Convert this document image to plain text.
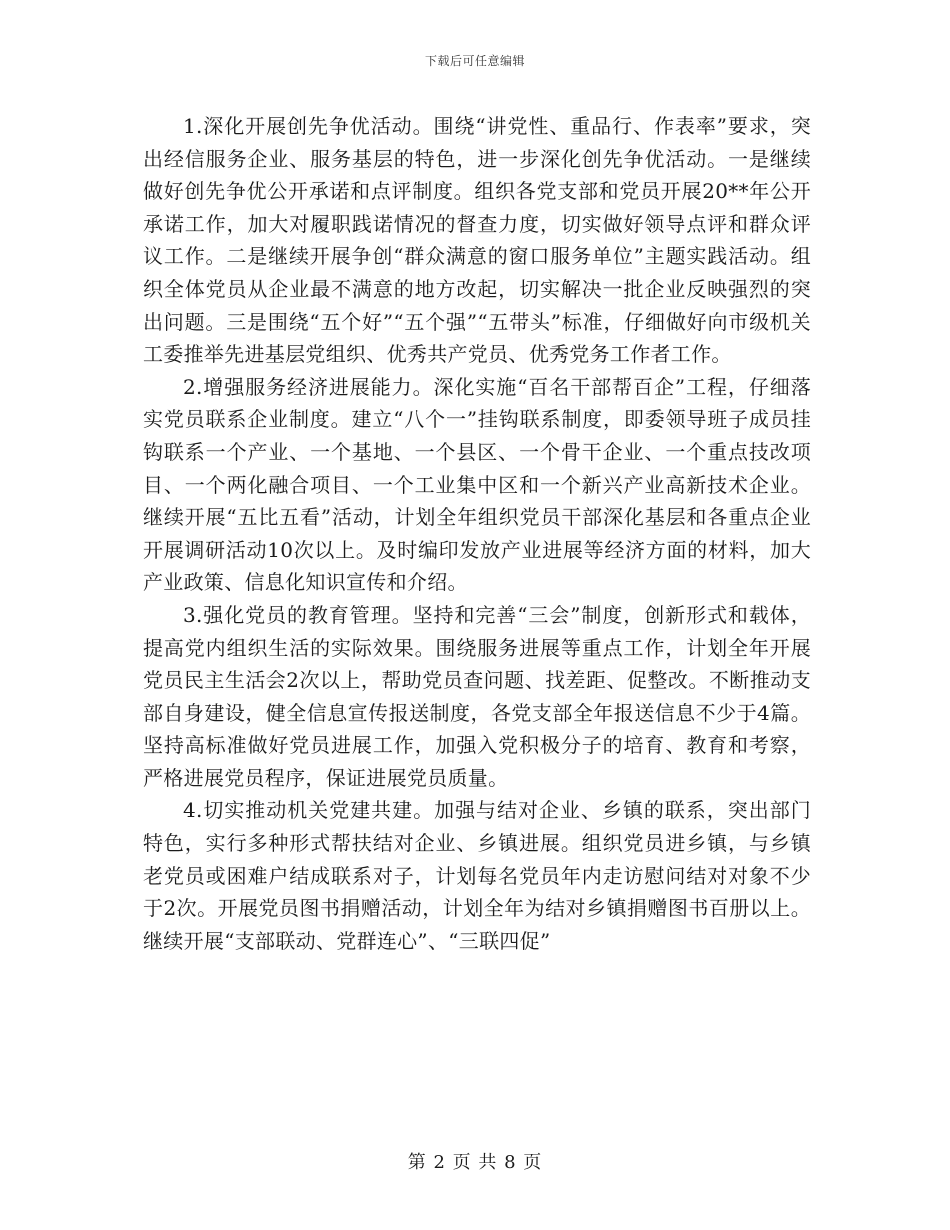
下载后可任意编辑

1.深化开展创先争优活动。围绕“讲党性、重品行、作表率”要求，突出经信服务企业、服务基层的特色，进一步深化创先争优活动。一是继续做好创先争优公开承诺和点评制度。组织各党支部和党员开展20**年公开承诺工作，加大对履职践诺情况的督查力度，切实做好领导点评和群众评议工作。二是继续开展争创“群众满意的窗口服务单位”主题实践活动。组织全体党员从企业最不满意的地方改起，切实解决一批企业反映强烈的突出问题。三是围绕“五个好”“五个强”“五带头”标准，仔细做好向市级机关工委推举先进基层党组织、优秀共产党员、优秀党务工作者工作。

2.增强服务经济进展能力。深化实施“百名干部帮百企”工程，仔细落实党员联系企业制度。建立“八个一”挂钩联系制度，即委领导班子成员挂钩联系一个产业、一个基地、一个县区、一个骨干企业、一个重点技改项目、一个两化融合项目、一个工业集中区和一个新兴产业高新技术企业。继续开展“五比五看”活动，计划全年组织党员干部深化基层和各重点企业开展调研活动10次以上。及时编印发放产业进展等经济方面的材料，加大产业政策、信息化知识宣传和介绍。

3.强化党员的教育管理。坚持和完善“三会”制度，创新形式和载体，提高党内组织生活的实际效果。围绕服务进展等重点工作，计划全年开展党员民主生活会2次以上，帮助党员查问题、找差距、促整改。不断推动支部自身建设，健全信息宣传报送制度，各党支部全年报送信息不少于4篇。坚持高标准做好党员进展工作，加强入党积极分子的培育、教育和考察，严格进展党员程序，保证进展党员质量。

4.切实推动机关党建共建。加强与结对企业、乡镇的联系，突出部门特色，实行多种形式帮扶结对企业、乡镇进展。组织党员进乡镇，与乡镇老党员或困难户结成联系对子，计划每名党员年内走访慰问结对对象不少于2次。开展党员图书捐赠活动，计划全年为结对乡镇捐赠图书百册以上。继续开展“支部联动、党群连心”、“三联四促”

第 2 页 共 8 页
